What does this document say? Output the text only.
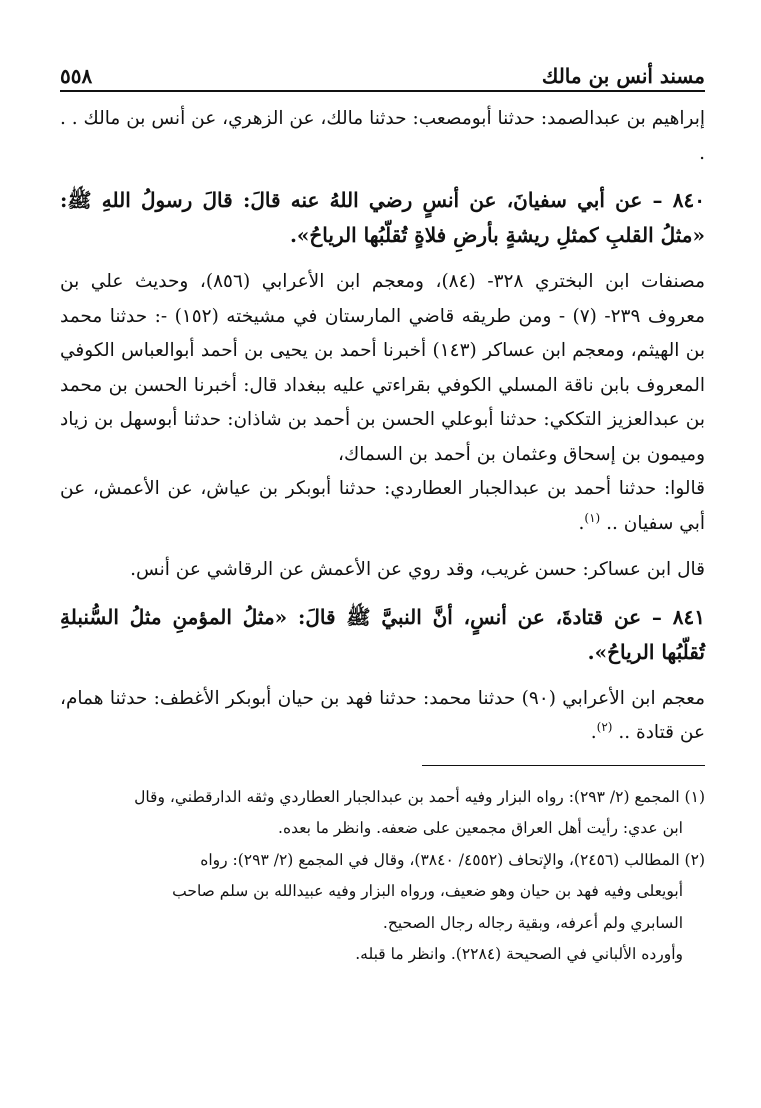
مسند أنس بن مالك
٥٥٨

إبراهيم بن عبدالصمد: حدثنا أبومصعب: حدثنا مالك، عن الزهري، عن أنس بن مالك . . .

٨٤٠ – عن أبي سفيانَ، عن أنسٍ رضي اللهُ عنه قالَ: قالَ رسولُ اللهِ ﷺ: «مثلُ القلبِ كمثلِ ريشةٍ بأرضِ فلاةٍ تُقلّبُها الرياحُ».

مصنفات ابن البختري ٣٢٨- (٨٤)، ومعجم ابن الأعرابي (٨٥٦)، وحديث علي بن معروف ٢٣٩- (٧) - ومن طريقه قاضي المارستان في مشيخته (١٥٢) -: حدثنا محمد بن الهيثم، ومعجم ابن عساكر (١٤٣) أخبرنا أحمد بن يحيى بن أحمد أبوالعباس الكوفي المعروف بابن ناقة المسلي الكوفي بقراءتي عليه ببغداد قال: أخبرنا الحسن بن محمد بن عبدالعزيز التككي: حدثنا أبوعلي الحسن بن أحمد بن شاذان: حدثنا أبوسهل بن زياد وميمون بن إسحاق وعثمان بن أحمد بن السماك،

قالوا: حدثنا أحمد بن عبدالجبار العطاردي: حدثنا أبوبكر بن عياش، عن الأعمش، عن أبي سفيان .. $^{(١)}$.

قال ابن عساكر: حسن غريب، وقد روي عن الأعمش عن الرقاشي عن أنس.

٨٤١ – عن قتادةَ، عن أنسٍ، أنَّ النبيَّ ﷺ قالَ: «مثلُ المؤمنِ مثلُ السُّنبلةِ تُقلّبُها الرياحُ».

معجم ابن الأعرابي (٩٠) حدثنا محمد: حدثنا فهد بن حيان أبوبكر الأغطف: حدثنا همام، عن قتادة .. $^{(٢)}$.

(١) المجمع (٢/ ٢٩٣): رواه البزار وفيه أحمد بن عبدالجبار العطاردي وثقه الدارقطني، وقال

ابن عدي: رأيت أهل العراق مجمعين على ضعفه. وانظر ما بعده.

(٢) المطالب (٢٤٥٦)، والإتحاف (٤٥٥٢/ ٣٨٤٠)، وقال في المجمع (٢/ ٢٩٣): رواه

أبويعلى وفيه فهد بن حيان وهو ضعيف، ورواه البزار وفيه عبيدالله بن سلم صاحب

السابري ولم أعرفه، وبقية رجاله رجال الصحيح.

وأورده الألباني في الصحيحة (٢٢٨٤). وانظر ما قبله.
